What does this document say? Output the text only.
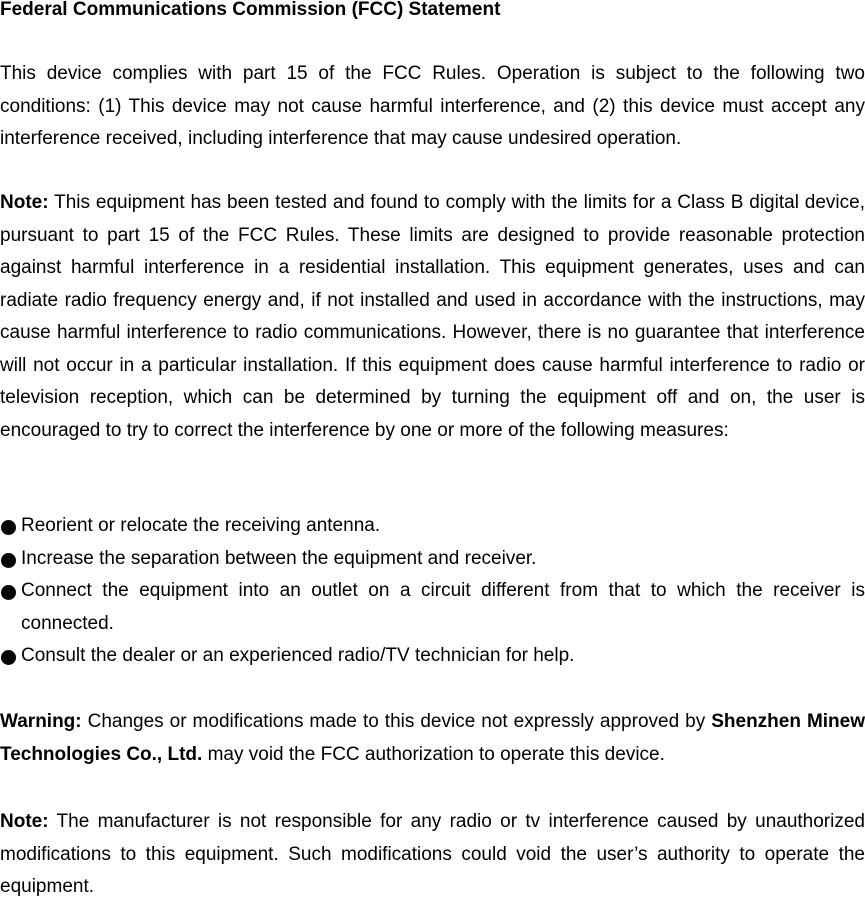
Federal Communications Commission (FCC) Statement

This device complies with part 15 of the FCC Rules. Operation is subject to the following two conditions: (1) This device may not cause harmful interference, and (2) this device must accept any interference received, including interference that may cause undesired operation.

Note: This equipment has been tested and found to comply with the limits for a Class B digital device, pursuant to part 15 of the FCC Rules. These limits are designed to provide reasonable protection against harmful interference in a residential installation. This equipment generates, uses and can radiate radio frequency energy and, if not installed and used in accordance with the instructions, may cause harmful interference to radio communications. However, there is no guarantee that interference will not occur in a particular installation. If this equipment does cause harmful interference to radio or television reception, which can be determined by turning the equipment off and on, the user is encouraged to try to correct the interference by one or more of the following measures:

Reorient or relocate the receiving antenna.
Increase the separation between the equipment and receiver.
Connect the equipment into an outlet on a circuit different from that to which the receiver is connected.
Consult the dealer or an experienced radio/TV technician for help.

Warning: Changes or modifications made to this device not expressly approved by Shenzhen Minew Technologies Co., Ltd. may void the FCC authorization to operate this device.

Note: The manufacturer is not responsible for any radio or tv interference caused by unauthorized modifications to this equipment. Such modifications could void the user’s authority to operate the equipment.
